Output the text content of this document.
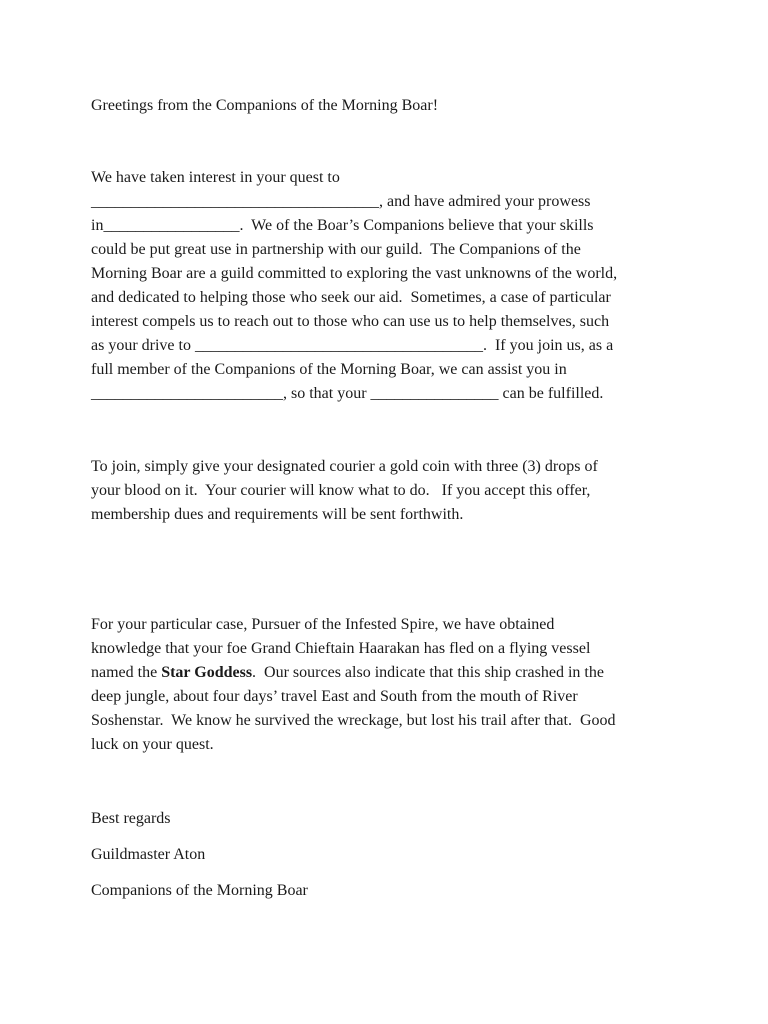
Greetings from the Companions of the Morning Boar!

We have taken interest in your quest to
____________________________________, and have admired your prowess
in_________________.  We of the Boar’s Companions believe that your skills
could be put great use in partnership with our guild.  The Companions of the
Morning Boar are a guild committed to exploring the vast unknowns of the world,
and dedicated to helping those who seek our aid.  Sometimes, a case of particular
interest compels us to reach out to those who can use us to help themselves, such
as your drive to ____________________________________.  If you join us, as a
full member of the Companions of the Morning Boar, we can assist you in
________________________, so that your ________________ can be fulfilled.

To join, simply give your designated courier a gold coin with three (3) drops of
your blood on it.  Your courier will know what to do.   If you accept this offer,
membership dues and requirements will be sent forthwith.

For your particular case, Pursuer of the Infested Spire, we have obtained
knowledge that your foe Grand Chieftain Haarakan has fled on a flying vessel
named the Star Goddess.  Our sources also indicate that this ship crashed in the
deep jungle, about four days’ travel East and South from the mouth of River
Soshenstar.  We know he survived the wreckage, but lost his trail after that.  Good
luck on your quest.

Best regards

Guildmaster Aton

Companions of the Morning Boar
